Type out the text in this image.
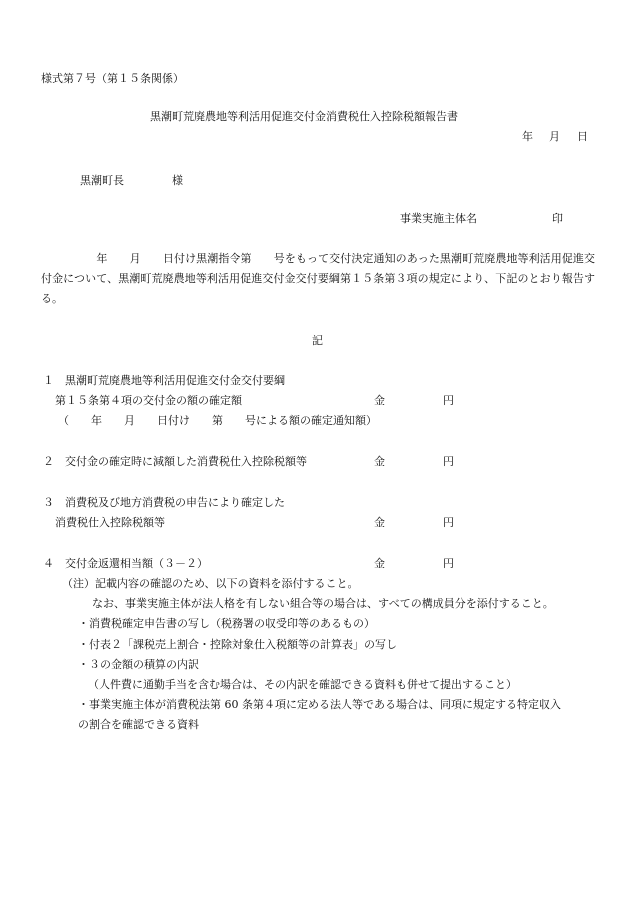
様式第７号（第１５条関係）
黒潮町荒廃農地等利活用促進交付金消費税仕入控除税額報告書
年 月 日
黒潮町長	様
事業実施主体名	印
　　　　　年　　月　　日付け黒潮指令第　　号をもって交付決定通知のあった黒潮町荒廃農地等利活用促進交付金について、黒潮町荒廃農地等利活用促進交付金交付要綱第１５条第３項の規定により、下記のとおり報告する。
記
１ 黒潮町荒廃農地等利活用促進交付金交付要綱
第１５条第４項の交付金の額の確定額	金	円
（　　年　　月　　日付け　　第　　号による額の確定通知額）
２ 交付金の確定時に減額した消費税仕入控除税額等	金	円
３ 消費税及び地方消費税の申告により確定した
消費税仕入控除税額等	金	円
４ 交付金返還相当額（３－２）	金	円
（注）記載内容の確認のため、以下の資料を添付すること。
なお、事業実施主体が法人格を有しない組合等の場合は、すべての構成員分を添付すること。
・消費税確定申告書の写し（税務署の収受印等のあるもの）
・付表２「課税売上割合・控除対象仕入税額等の計算表」の写し
・３の金額の積算の内訳
（人件費に通勤手当を含む場合は、その内訳を確認できる資料も併せて提出すること）
・事業実施主体が消費税法第 60 条第４項に定める法人等である場合は、同項に規定する特定収入
の割合を確認できる資料
